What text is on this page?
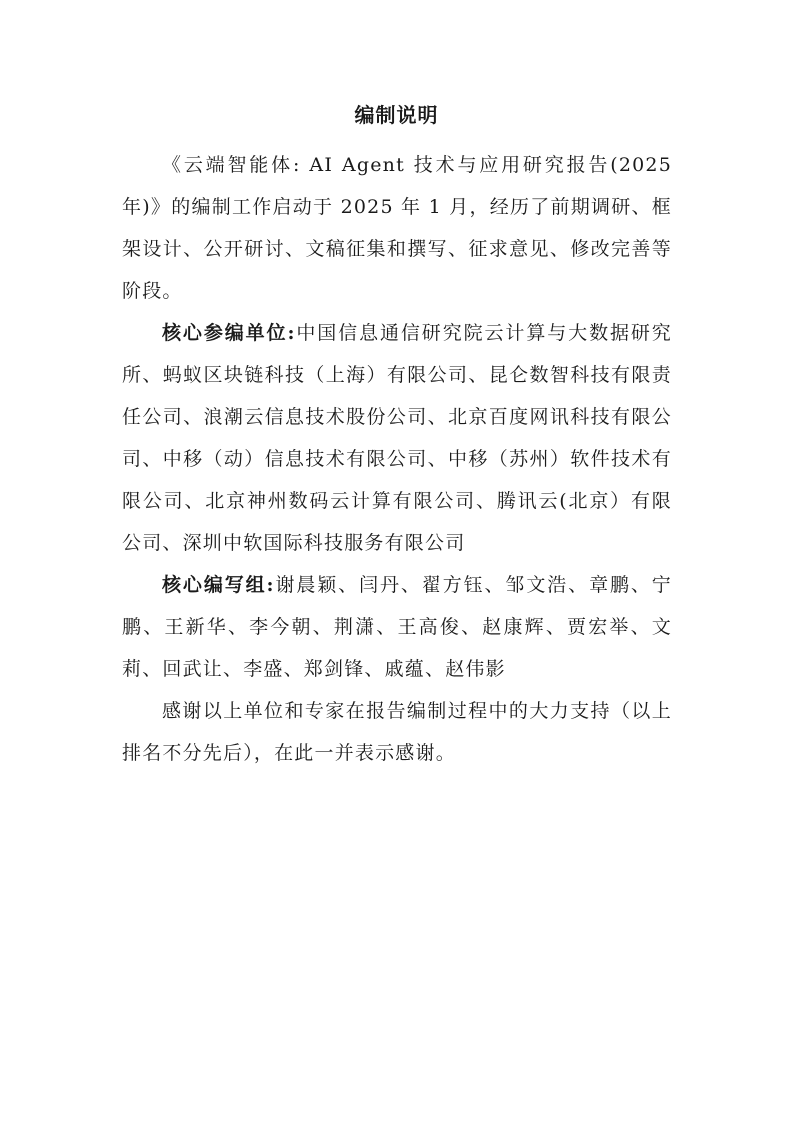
编制说明

《云端智能体: AI Agent 技术与应用研究报告(2025 年)》的编制工作启动于 2025 年 1 月，经历了前期调研、框架设计、公开研讨、文稿征集和撰写、征求意见、修改完善等阶段。

核心参编单位:中国信息通信研究院云计算与大数据研究所、蚂蚁区块链科技（上海）有限公司、昆仑数智科技有限责任公司、浪潮云信息技术股份公司、北京百度网讯科技有限公司、中移（动）信息技术有限公司、中移（苏州）软件技术有限公司、北京神州数码云计算有限公司、腾讯云(北京）有限公司、深圳中软国际科技服务有限公司

核心编写组:谢晨颖、闫丹、翟方钰、邹文浩、章鹏、宁鹏、王新华、李今朝、荆潇、王高俊、赵康辉、贾宏举、文莉、回武让、李盛、郑剑锋、戚蕴、赵伟影

感谢以上单位和专家在报告编制过程中的大力支持（以上排名不分先后），在此一并表示感谢。
